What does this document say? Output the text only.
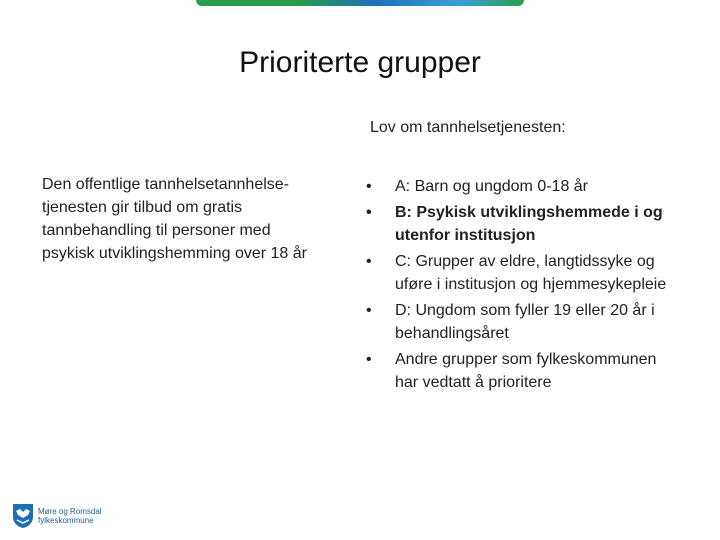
Prioriterte grupper
Lov om tannhelsetjenesten:
Den offentlige tannhelsetannhelse-
tjenesten gir tilbud om gratis
tannbehandling til personer med
psykisk utviklingshemming over 18 år
• A: Barn og ungdom 0-18 år
• B: Psykisk utviklingshemmede i og utenfor institusjon
• C: Grupper av eldre, langtidssyke og uføre i institusjon og hjemmesykepleie
• D: Ungdom som fyller 19 eller 20 år i behandlingsåret
• Andre grupper som fylkeskommunen har vedtatt å prioritere
Møre og Romsdal
fylkeskommune
